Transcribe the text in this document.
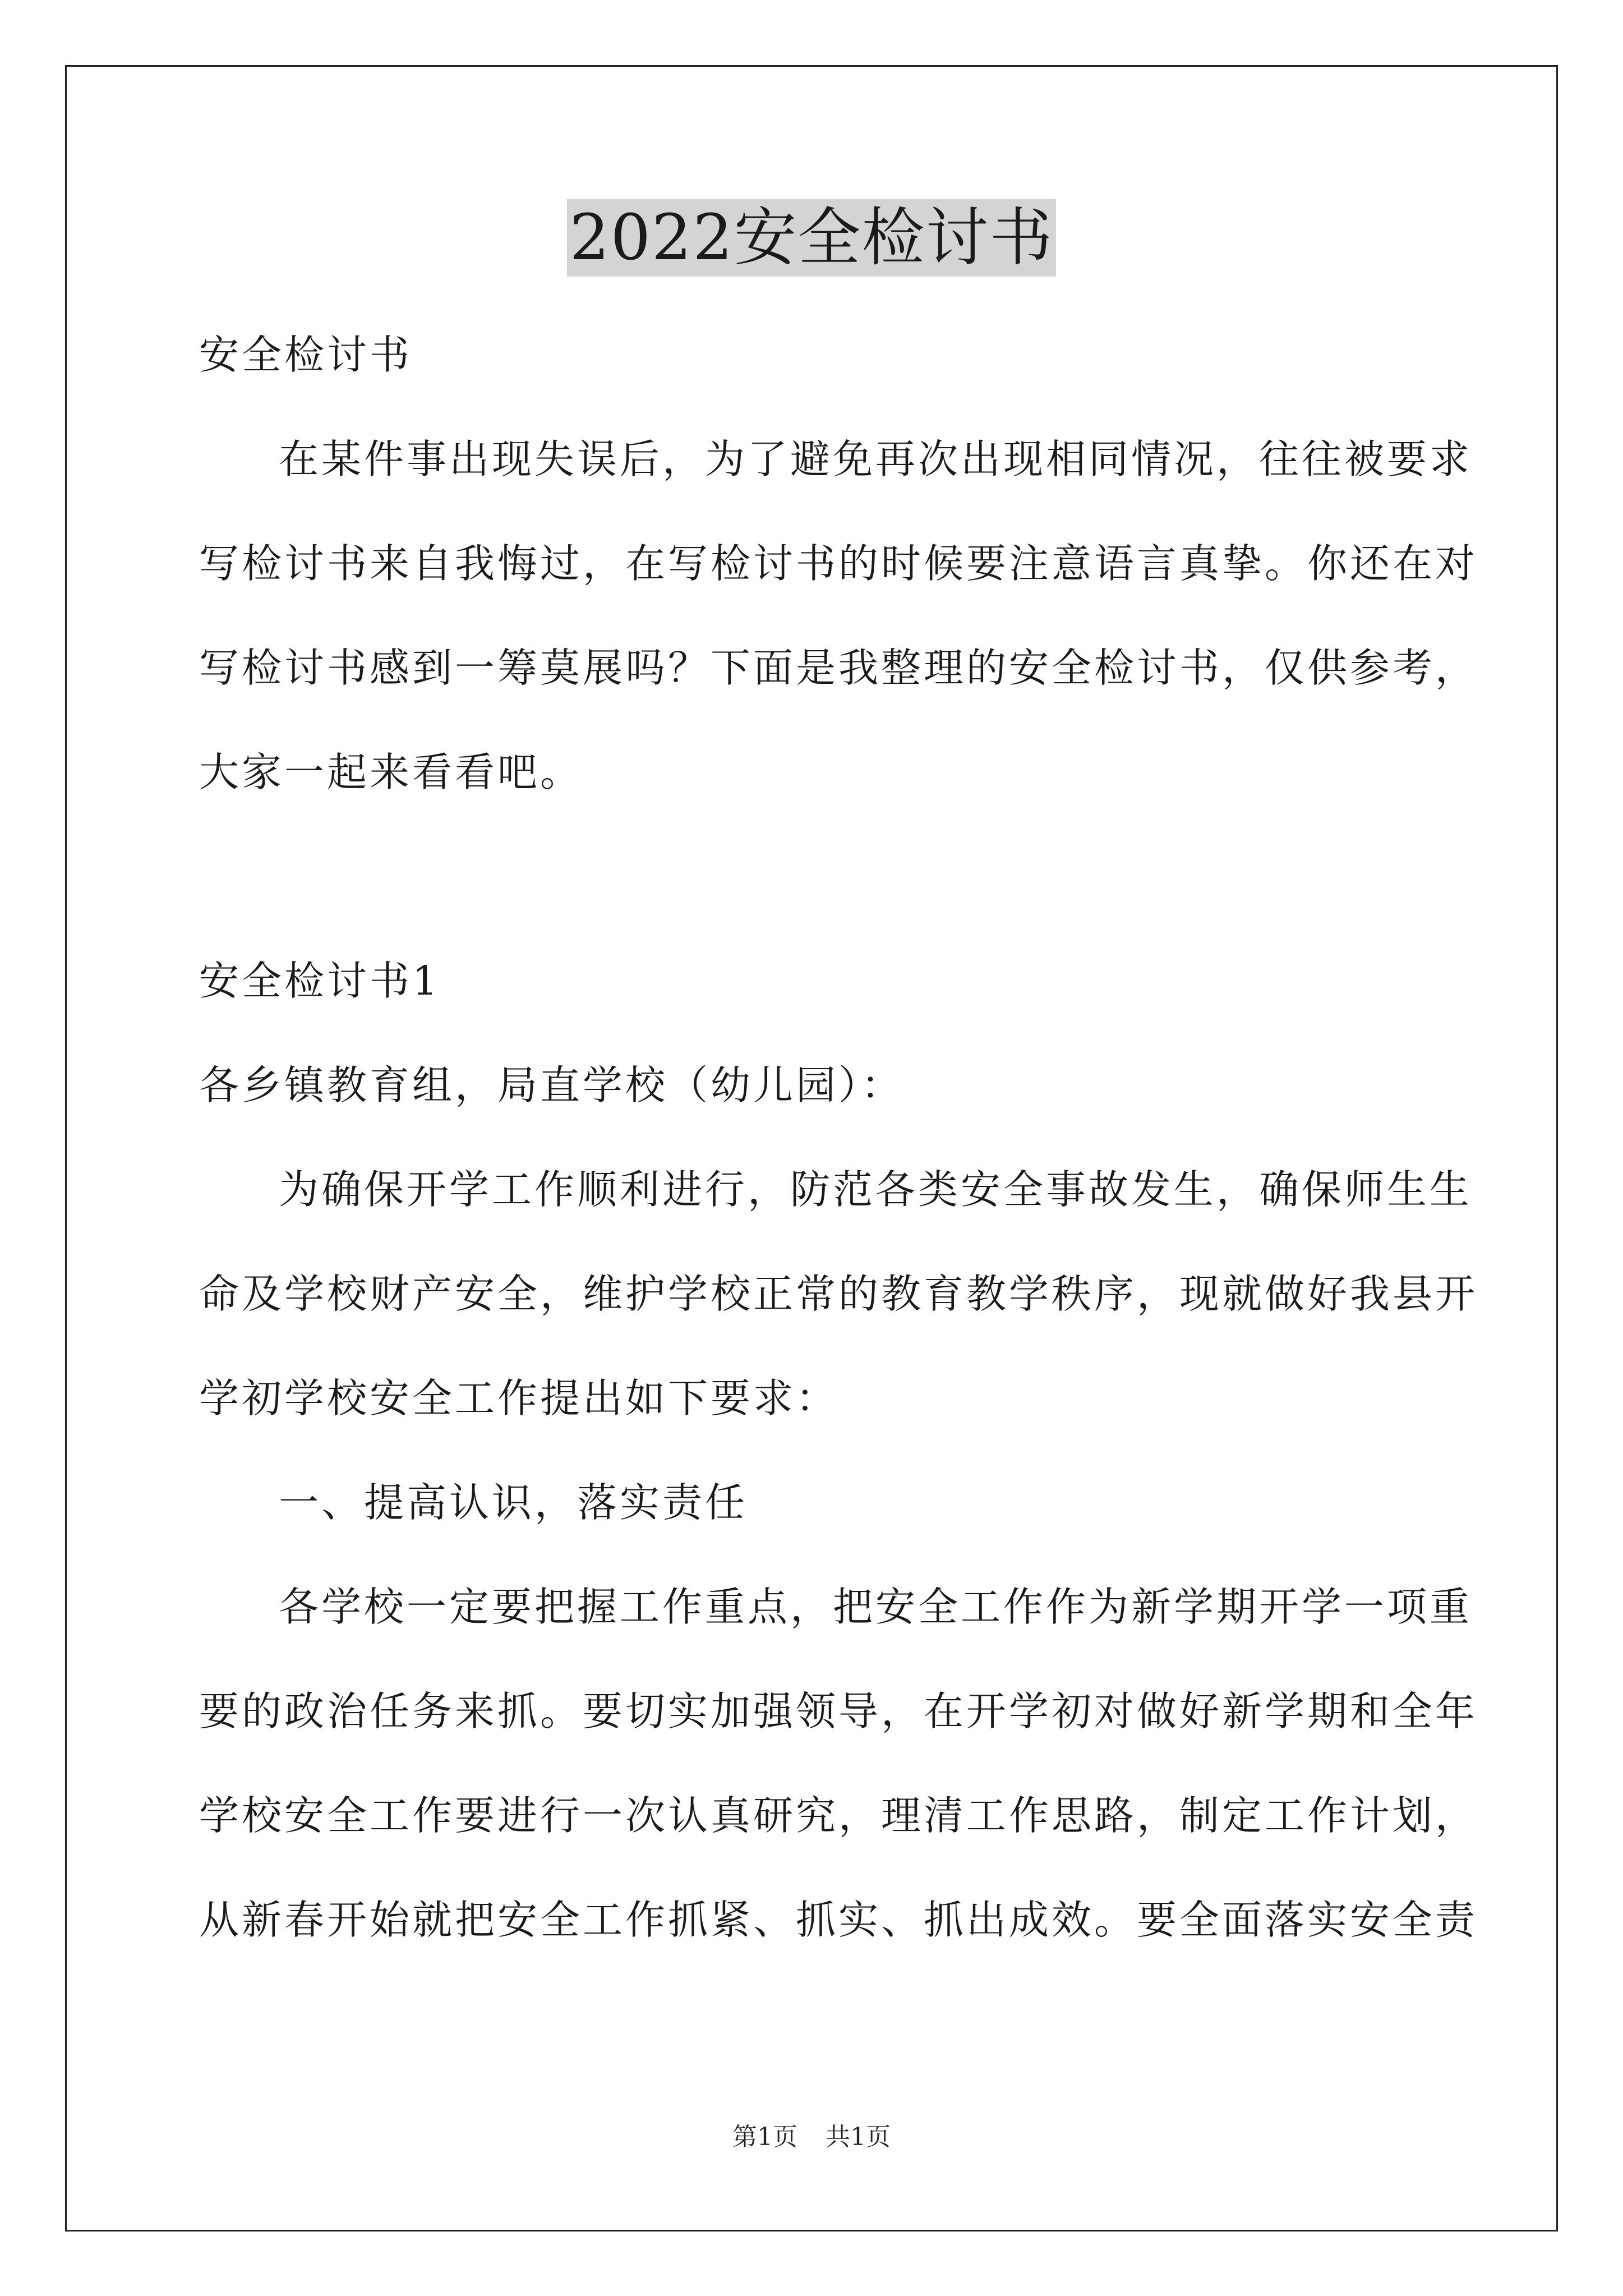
2022安全检讨书
安全检讨书
在某件事出现失误后，为了避免再次出现相同情况，往往被要求
写检讨书来自我悔过，在写检讨书的时候要注意语言真挚。你还在对
写检讨书感到一筹莫展吗？下面是我整理的安全检讨书，仅供参考，
大家一起来看看吧。
安全检讨书1
各乡镇教育组，局直学校（幼儿园）：
为确保开学工作顺利进行，防范各类安全事故发生，确保师生生
命及学校财产安全，维护学校正常的教育教学秩序，现就做好我县开
学初学校安全工作提出如下要求：
一、提高认识，落实责任
各学校一定要把握工作重点，把安全工作作为新学期开学一项重
要的政治任务来抓。要切实加强领导，在开学初对做好新学期和全年
学校安全工作要进行一次认真研究，理清工作思路，制定工作计划，
从新春开始就把安全工作抓紧、抓实、抓出成效。要全面落实安全责
第1页 共1页
